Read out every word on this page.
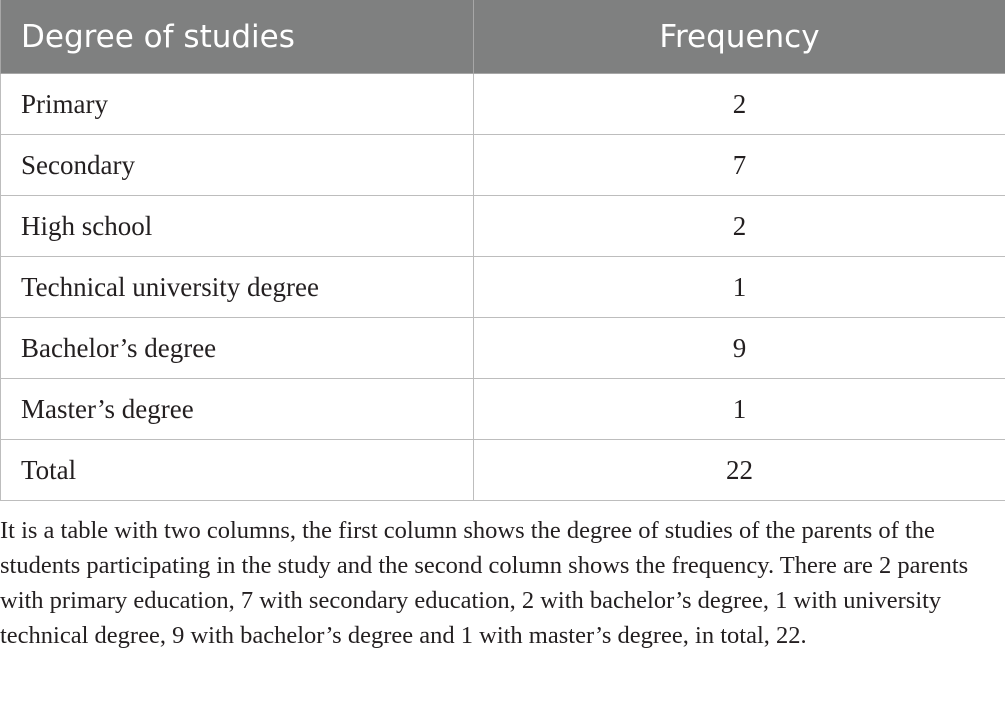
Degree of studies	Frequency
Primary	2
Secondary	7
High school	2
Technical university degree	1
Bachelor’s degree	9
Master’s degree	1
Total	22

It is a table with two columns, the first column shows the degree of studies of the parents of the students participating in the study and the second column shows the frequency. There are 2 parents with primary education, 7 with secondary education, 2 with bachelor’s degree, 1 with university technical degree, 9 with bachelor’s degree and 1 with master’s degree, in total, 22.
